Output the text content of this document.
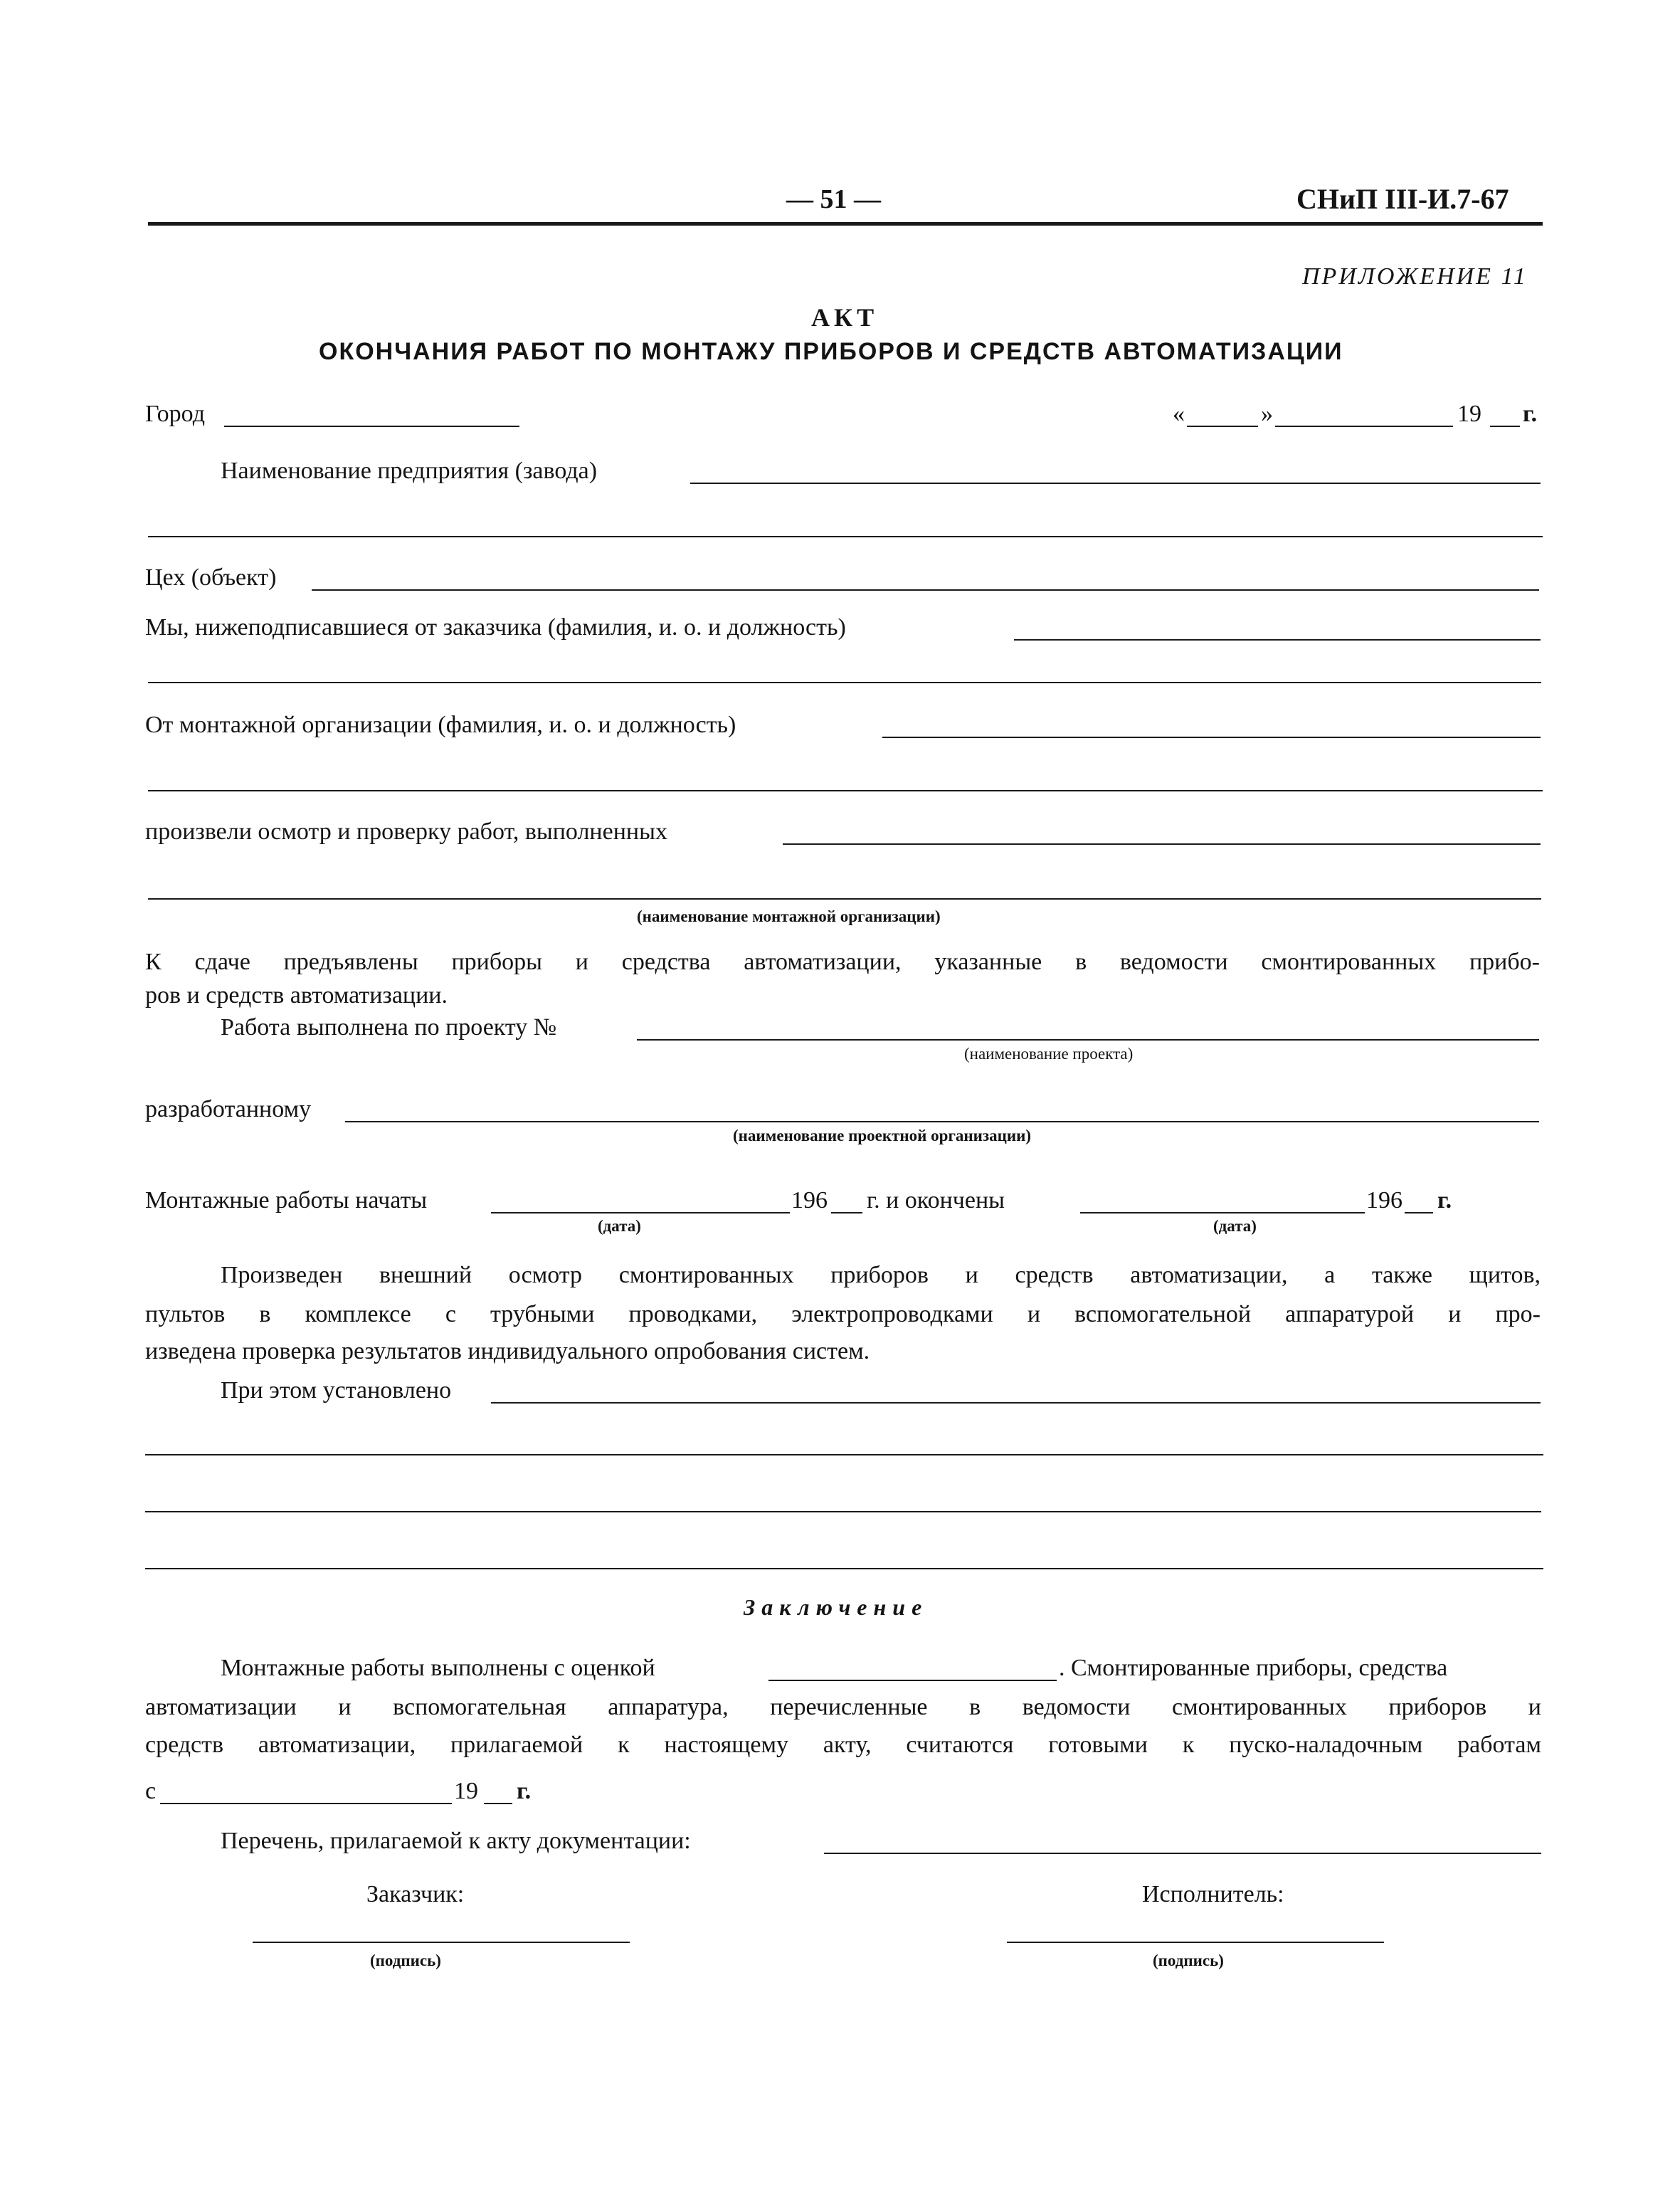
— 51 —	СНиП III-И.7-67
ПРИЛОЖЕНИЕ 11
АКТ
ОКОНЧАНИЯ РАБОТ ПО МОНТАЖУ ПРИБОРОВ И СРЕДСТВ АВТОМАТИЗАЦИИ
Город	«	»	19 г.
Наименование предприятия (завода)
Цех (объект)
Мы, нижеподписавшиеся от заказчика (фамилия, и. о. и должность)
От монтажной организации (фамилия, и. о. и должность)
произвели осмотр и проверку работ, выполненных
(наименование монтажной организации)
К сдаче предъявлены приборы и средства автоматизации, указанные в ведомости смонтированных прибо-
ров и средств автоматизации.
Работа выполнена по проекту №
(наименование проекта)
разработанному
(наименование проектной организации)
Монтажные работы начаты	196 г. и окончены	196 г.
(дата)	(дата)
Произведен внешний осмотр смонтированных приборов и средств автоматизации, а также щитов,
пультов в комплексе с трубными проводками, электропроводками и вспомогательной аппаратурой и про-
изведена проверка результатов индивидуального опробования систем.
При этом установлено
Заключение
Монтажные работы выполнены с оценкой	. Смонтированные приборы, средства
автоматизации и вспомогательная аппаратура, перечисленные в ведомости смонтированных приборов и
средств автоматизации, прилагаемой к настоящему акту, считаются готовыми к пуско-наладочным работам
с	19 г.
Перечень, прилагаемой к акту документации:
Заказчик:	Исполнитель:
(подпись)	(подпись)
